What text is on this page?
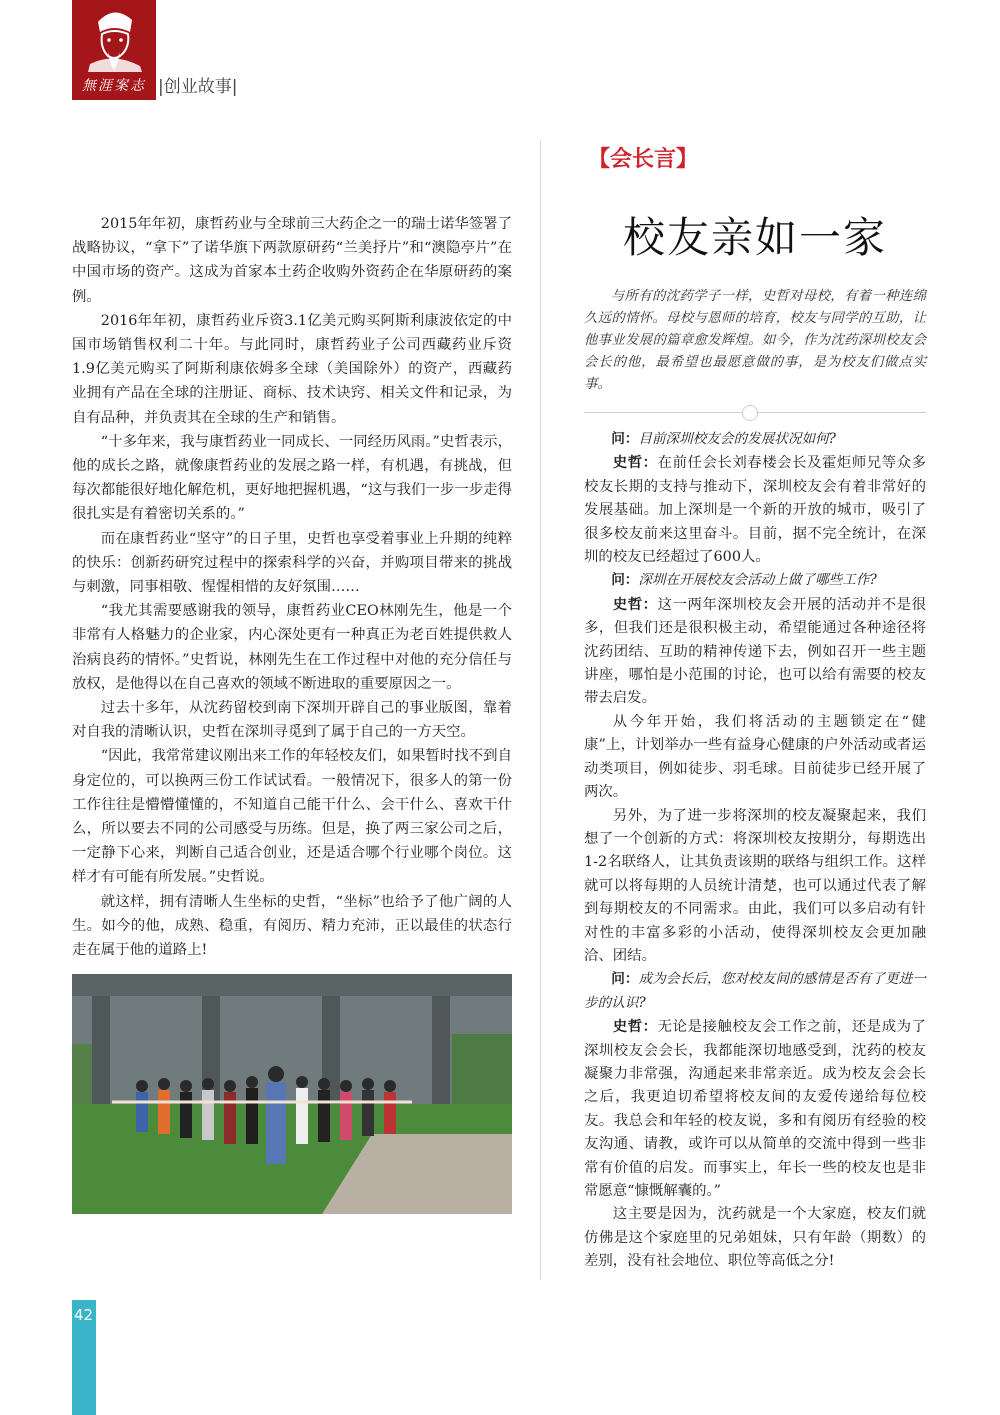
無涯案志 |创业故事|

2015年年初，康哲药业与全球前三大药企之一的瑞士诺华签署了战略协议，“拿下”了诺华旗下两款原研药“兰美抒片”和“澳隐亭片”在中国市场的资产。这成为首家本土药企收购外资药企在华原研药的案例。

2016年年初，康哲药业斥资3.1亿美元购买阿斯利康波依定的中国市场销售权利二十年。与此同时，康哲药业子公司西藏药业斥资1.9亿美元购买了阿斯利康依姆多全球（美国除外）的资产，西藏药业拥有产品在全球的注册证、商标、技术诀窍、相关文件和记录，为自有品种，并负责其在全球的生产和销售。

“十多年来，我与康哲药业一同成长、一同经历风雨。”史哲表示，他的成长之路，就像康哲药业的发展之路一样，有机遇，有挑战，但每次都能很好地化解危机，更好地把握机遇，“这与我们一步一步走得很扎实是有着密切关系的。”

而在康哲药业“坚守”的日子里，史哲也享受着事业上升期的纯粹的快乐：创新药研究过程中的探索科学的兴奋，并购项目带来的挑战与刺激，同事相敬、惺惺相惜的友好氛围……

“我尤其需要感谢我的领导，康哲药业CEO林刚先生，他是一个非常有人格魅力的企业家，内心深处更有一种真正为老百姓提供救人治病良药的情怀。”史哲说，林刚先生在工作过程中对他的充分信任与放权，是他得以在自己喜欢的领域不断进取的重要原因之一。

过去十多年，从沈药留校到南下深圳开辟自己的事业版图，靠着对自我的清晰认识，史哲在深圳寻觅到了属于自己的一方天空。

“因此，我常常建议刚出来工作的年轻校友们，如果暂时找不到自身定位的，可以换两三份工作试试看。一般情况下，很多人的第一份工作往往是懵懵懂懂的，不知道自己能干什么、会干什么、喜欢干什么，所以要去不同的公司感受与历练。但是，换了两三家公司之后，一定静下心来，判断自己适合创业，还是适合哪个行业哪个岗位。这样才有可能有所发展。”史哲说。

就这样，拥有清晰人生坐标的史哲，“坐标”也给予了他广阔的人生。如今的他，成熟、稳重，有阅历、精力充沛，正以最佳的状态行走在属于他的道路上!

【会长言】
校友亲如一家

与所有的沈药学子一样，史哲对母校，有着一种连绵久远的情怀。母校与恩师的培育，校友与同学的互助，让他事业发展的篇章愈发辉煌。如今，作为沈药深圳校友会会长的他，最希望也最愿意做的事，是为校友们做点实事。

问：目前深圳校友会的发展状况如何?

史哲：在前任会长刘春楼会长及霍炬师兄等众多校友长期的支持与推动下，深圳校友会有着非常好的发展基础。加上深圳是一个新的开放的城市，吸引了很多校友前来这里奋斗。目前，据不完全统计，在深圳的校友已经超过了600人。

问：深圳在开展校友会活动上做了哪些工作?

史哲：这一两年深圳校友会开展的活动并不是很多，但我们还是很积极主动，希望能通过各种途径将沈药团结、互助的精神传递下去，例如召开一些主题讲座，哪怕是小范围的讨论，也可以给有需要的校友带去启发。

从今年开始，我们将活动的主题锁定在“健康”上，计划举办一些有益身心健康的户外活动或者运动类项目，例如徒步、羽毛球。目前徒步已经开展了两次。

另外，为了进一步将深圳的校友凝聚起来，我们想了一个创新的方式：将深圳校友按期分，每期选出1-2名联络人，让其负责该期的联络与组织工作。这样就可以将每期的人员统计清楚，也可以通过代表了解到每期校友的不同需求。由此，我们可以多启动有针对性的丰富多彩的小活动，使得深圳校友会更加融洽、团结。

问：成为会长后，您对校友间的感情是否有了更进一步的认识?

史哲：无论是接触校友会工作之前，还是成为了深圳校友会会长，我都能深切地感受到，沈药的校友凝聚力非常强，沟通起来非常亲近。成为校友会会长之后，我更迫切希望将校友间的友爱传递给每位校友。我总会和年轻的校友说，多和有阅历有经验的校友沟通、请教，或许可以从简单的交流中得到一些非常有价值的启发。而事实上，年长一些的校友也是非常愿意“慷慨解囊的。”

这主要是因为，沈药就是一个大家庭，校友们就仿佛是这个家庭里的兄弟姐妹，只有年龄（期数）的差别，没有社会地位、职位等高低之分!

42
